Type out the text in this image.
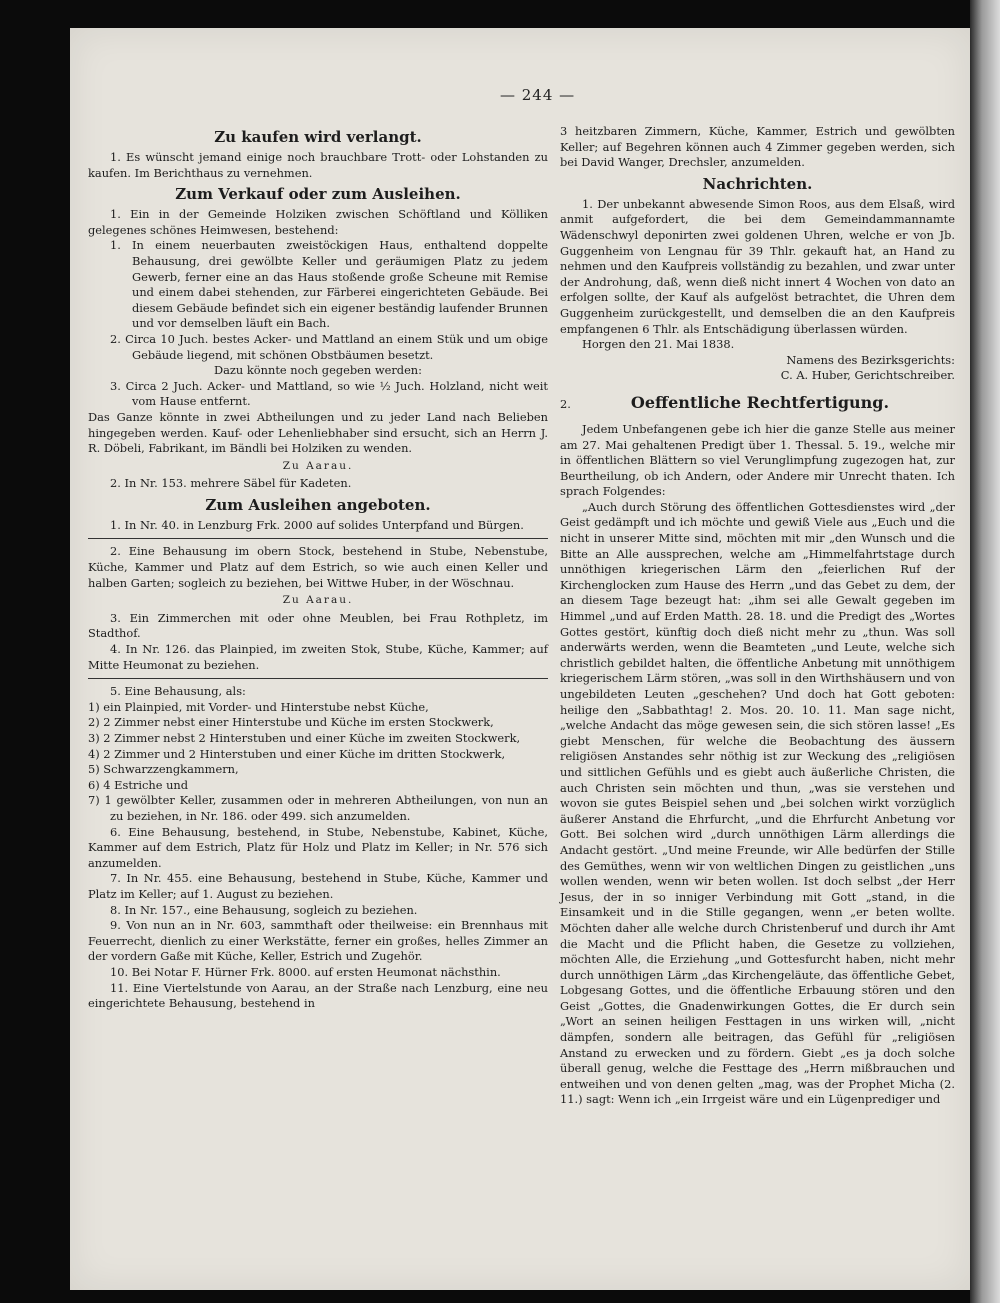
— 244 —
Zu kaufen wird verlangt.

1. Es wünscht jemand einige noch brauchbare Trott- oder Lohstanden zu kaufen. Im Berichthaus zu vernehmen.

Zum Verkauf oder zum Ausleihen.

1. Ein in der Gemeinde Holziken zwischen Schöftland und Kölliken gelegenes schönes Heimwesen, bestehend:

1. In einem neuerbauten zweistöckigen Haus, enthaltend doppelte Behausung, drei gewölbte Keller und geräumigen Platz zu jedem Gewerb, ferner eine an das Haus stoßende große Scheune mit Remise und einem dabei stehenden, zur Färberei eingerichteten Gebäude. Bei diesem Gebäude befindet sich ein eigener beständig laufender Brunnen und vor demselben läuft ein Bach.

2. Circa 10 Juch. bestes Acker- und Mattland an einem Stük und um obige Gebäude liegend, mit schönen Obstbäumen besetzt.

Dazu könnte noch gegeben werden:

3. Circa 2 Juch. Acker- und Mattland, so wie ½ Juch. Holzland, nicht weit vom Hause entfernt.

Das Ganze könnte in zwei Abtheilungen und zu jeder Land nach Belieben hingegeben werden. Kauf- oder Lehenliebhaber sind ersucht, sich an Herrn J. R. Döbeli, Fabrikant, im Bändli bei Holziken zu wenden.

Zu Aarau.

2. In Nr. 153. mehrere Säbel für Kadeten.

Zum Ausleihen angeboten.

1. In Nr. 40. in Lenzburg Frk. 2000 auf solides Unterpfand und Bürgen.

2. Eine Behausung im obern Stock, bestehend in Stube, Nebenstube, Küche, Kammer und Platz auf dem Estrich, so wie auch einen Keller und halben Garten; sogleich zu beziehen, bei Wittwe Huber, in der Wöschnau.

Zu Aarau.

3. Ein Zimmerchen mit oder ohne Meublen, bei Frau Rothpletz, im Stadthof.

4. In Nr. 126. das Plainpied, im zweiten Stok, Stube, Küche, Kammer; auf Mitte Heumonat zu beziehen.

5. Eine Behausung, als:

1) ein Plainpied, mit Vorder- und Hinterstube nebst Küche,

2) 2 Zimmer nebst einer Hinterstube und Küche im ersten Stockwerk,

3) 2 Zimmer nebst 2 Hinterstuben und einer Küche im zweiten Stockwerk,

4) 2 Zimmer und 2 Hinterstuben und einer Küche im dritten Stockwerk,

5) Schwarzzengkammern,

6) 4 Estriche und

7) 1 gewölbter Keller, zusammen oder in mehreren Abtheilungen, von nun an zu beziehen, in Nr. 186. oder 499. sich anzumelden.

6. Eine Behausung, bestehend, in Stube, Nebenstube, Kabinet, Küche, Kammer auf dem Estrich, Platz für Holz und Platz im Keller; in Nr. 576 sich anzumelden.

7. In Nr. 455. eine Behausung, bestehend in Stube, Küche, Kammer und Platz im Keller; auf 1. August zu beziehen.

8. In Nr. 157., eine Behausung, sogleich zu beziehen.

9. Von nun an in Nr. 603, sammthaft oder theilweise: ein Brennhaus mit Feuerrecht, dienlich zu einer Werkstätte, ferner ein großes, helles Zimmer an der vordern Gaße mit Küche, Keller, Estrich und Zugehör.

10. Bei Notar F. Hürner Frk. 8000. auf ersten Heumonat nächsthin.

11. Eine Viertelstunde von Aarau, an der Straße nach Lenzburg, eine neu eingerichtete Behausung, bestehend in

3 heitzbaren Zimmern, Küche, Kammer, Estrich und gewölbten Keller; auf Begehren können auch 4 Zimmer gegeben werden, sich bei David Wanger, Drechsler, anzumelden.

Nachrichten.

1. Der unbekannt abwesende Simon Roos, aus dem Elsaß, wird anmit aufgefordert, die bei dem Gemeindammannamte Wädenschwyl deponirten zwei goldenen Uhren, welche er von Jb. Guggenheim von Lengnau für 39 Thlr. gekauft hat, an Hand zu nehmen und den Kaufpreis vollständig zu bezahlen, und zwar unter der Androhung, daß, wenn dieß nicht innert 4 Wochen von dato an erfolgen sollte, der Kauf als aufgelöst betrachtet, die Uhren dem Guggenheim zurückgestellt, und demselben die an den Kaufpreis empfangenen 6 Thlr. als Entschädigung überlassen würden.

Horgen den 21. Mai 1838.

Namens des Bezirksgerichts:

C. A. Huber, Gerichtschreiber.

2.	Oeffentliche Rechtfertigung.

Jedem Unbefangenen gebe ich hier die ganze Stelle aus meiner am 27. Mai gehaltenen Predigt über 1. Thessal. 5. 19., welche mir in öffentlichen Blättern so viel Verunglimpfung zugezogen hat, zur Beurtheilung, ob ich Andern, oder Andere mir Unrecht thaten. Ich sprach Folgendes:

„Auch durch Störung des öffentlichen Gottesdienstes wird „der Geist gedämpft und ich möchte und gewiß Viele aus „Euch und die nicht in unserer Mitte sind, möchten mit mir „den Wunsch und die Bitte an Alle aussprechen, welche am „Himmelfahrtstage durch unnöthigen kriegerischen Lärm den „feierlichen Ruf der Kirchenglocken zum Hause des Herrn „und das Gebet zu dem, der an diesem Tage bezeugt hat: „ihm sei alle Gewalt gegeben im Himmel „und auf Erden Matth. 28. 18. und die Predigt des „Wortes Gottes gestört, künftig doch dieß nicht mehr zu „thun. Was soll anderwärts werden, wenn die Beamteten „und Leute, welche sich christlich gebildet halten, die öffentliche Anbetung mit unnöthigem kriegerischem Lärm stören, „was soll in den Wirthshäusern und von ungebildeten Leuten „geschehen? Und doch hat Gott geboten: heilige den „Sabbathtag! 2. Mos. 20. 10. 11. Man sage nicht, „welche Andacht das möge gewesen sein, die sich stören lasse! „Es giebt Menschen, für welche die Beobachtung des äussern religiösen Anstandes sehr nöthig ist zur Weckung des „religiösen und sittlichen Gefühls und es giebt auch äußerliche Christen, die auch Christen sein möchten und thun, „was sie verstehen und wovon sie gutes Beispiel sehen und „bei solchen wirkt vorzüglich äußerer Anstand die Ehrfurcht, „und die Ehrfurcht Anbetung vor Gott. Bei solchen wird „durch unnöthigen Lärm allerdings die Andacht gestört. „Und meine Freunde, wir Alle bedürfen der Stille des Gemüthes, wenn wir von weltlichen Dingen zu geistlichen „uns wollen wenden, wenn wir beten wollen. Ist doch selbst „der Herr Jesus, der in so inniger Verbindung mit Gott „stand, in die Einsamkeit und in die Stille gegangen, wenn „er beten wollte. Möchten daher alle welche durch Christenberuf und durch ihr Amt die Macht und die Pflicht haben, die Gesetze zu vollziehen, möchten Alle, die Erziehung „und Gottesfurcht haben, nicht mehr durch unnöthigen Lärm „das Kirchengeläute, das öffentliche Gebet, Lobgesang Gottes, und die öffentliche Erbauung stören und den Geist „Gottes, die Gnadenwirkungen Gottes, die Er durch sein „Wort an seinen heiligen Festtagen in uns wirken will, „nicht dämpfen, sondern alle beitragen, das Gefühl für „religiösen Anstand zu erwecken und zu fördern. Giebt „es ja doch solche überall genug, welche die Festtage des „Herrn mißbrauchen und entweihen und von denen gelten „mag, was der Prophet Micha (2. 11.) sagt: Wenn ich „ein Irrgeist wäre und ein Lügenprediger und
